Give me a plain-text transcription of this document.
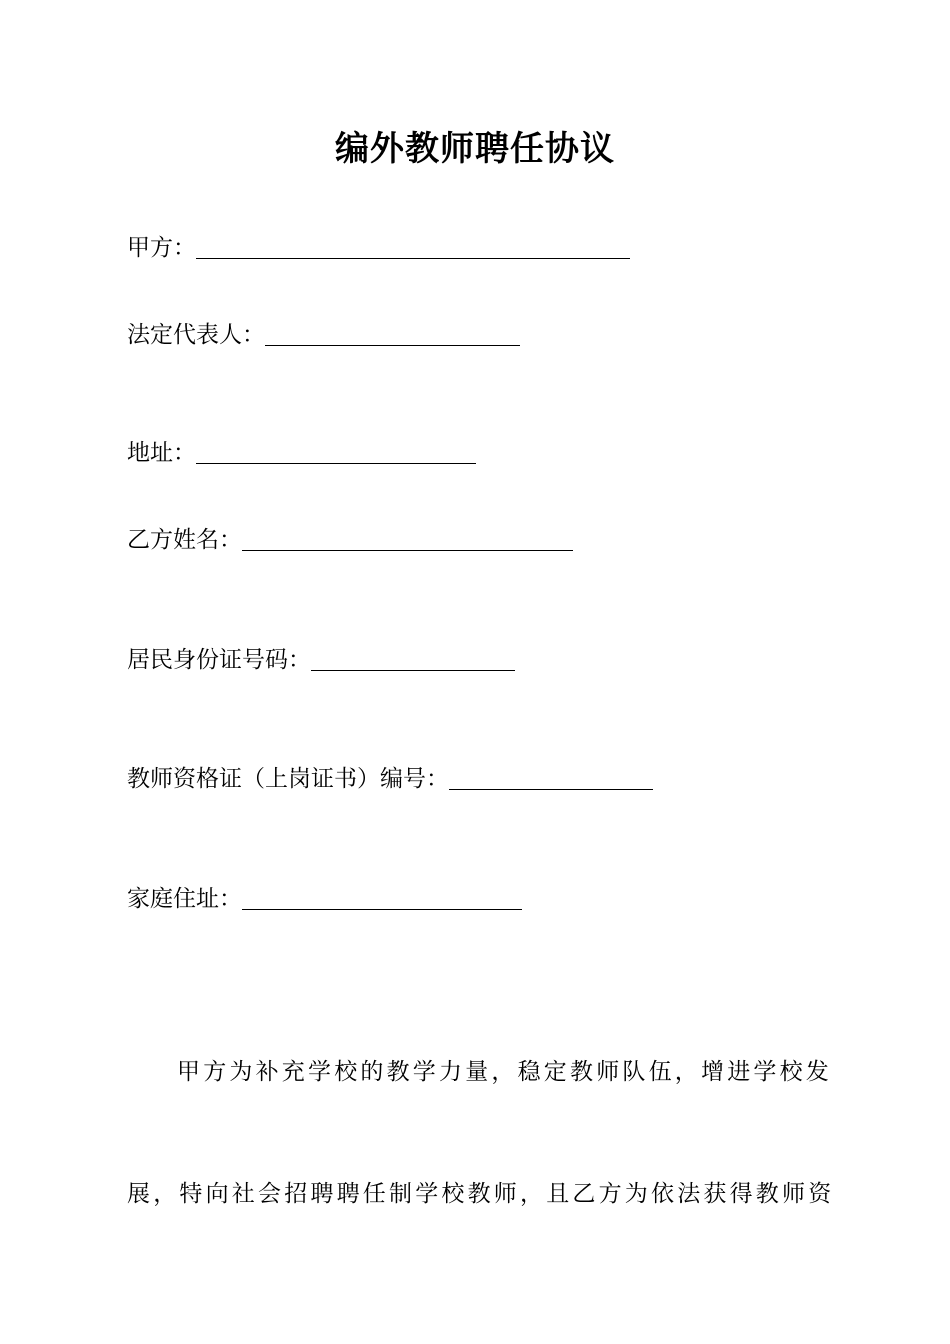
编外教师聘任协议
甲方：
法定代表人：
地址：
乙方姓名：
居民身份证号码：
教师资格证（上岗证书）编号：
家庭住址：
甲方为补充学校的教学力量，稳定教师队伍，增进学校发
展，特向社会招聘聘任制学校教师，且乙方为依法获得教师资
